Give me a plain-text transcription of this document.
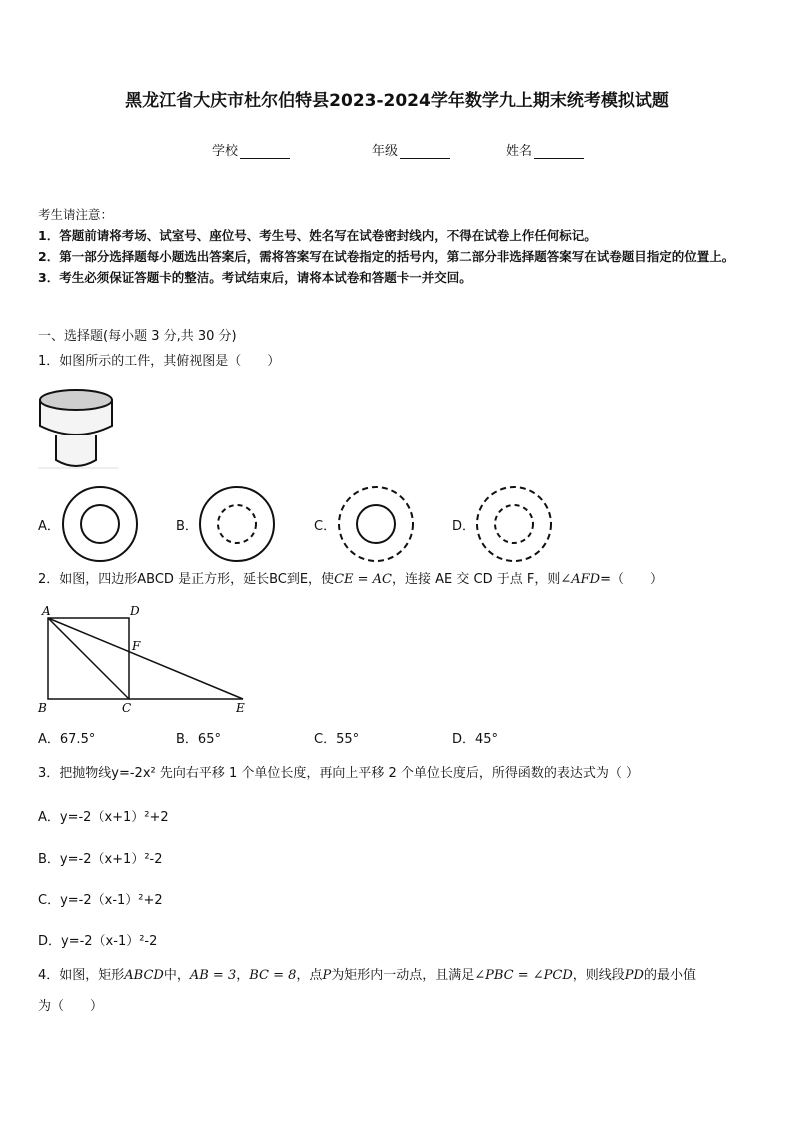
黑龙江省大庆市杜尔伯特县2023-2024学年数学九上期末统考模拟试题
学校	年级	姓名
考生请注意：
1．答题前请将考场、试室号、座位号、考生号、姓名写在试卷密封线内，不得在试卷上作任何标记。
2．第一部分选择题每小题选出答案后，需将答案写在试卷指定的括号内，第二部分非选择题答案写在试卷题目指定的位置上。
3．考生必须保证答题卡的整洁。考试结束后，请将本试卷和答题卡一并交回。
一、选择题(每小题 3 分,共 30 分)
1．如图所示的工件，其俯视图是（　　）
A．	B．	C．	D．
2．如图，四边形ABCD 是正方形，延长BC到E，使CE = AC，连接 AE 交 CD 于点 F，则∠AFD=（　　）
A	D
F
B	C	E
A．67.5°	B．65°	C．55°	D．45°
3．把抛物线y=-2x² 先向右平移 1 个单位长度，再向上平移 2 个单位长度后，所得函数的表达式为（ ）
A．y=-2（x+1）²+2
B．y=-2（x+1）²-2
C．y=-2（x-1）²+2
D．y=-2（x-1）²-2
4．如图，矩形ABCD中，AB = 3，BC = 8，点P为矩形内一动点，且满足∠PBC = ∠PCD，则线段PD的最小值
为（　　）
